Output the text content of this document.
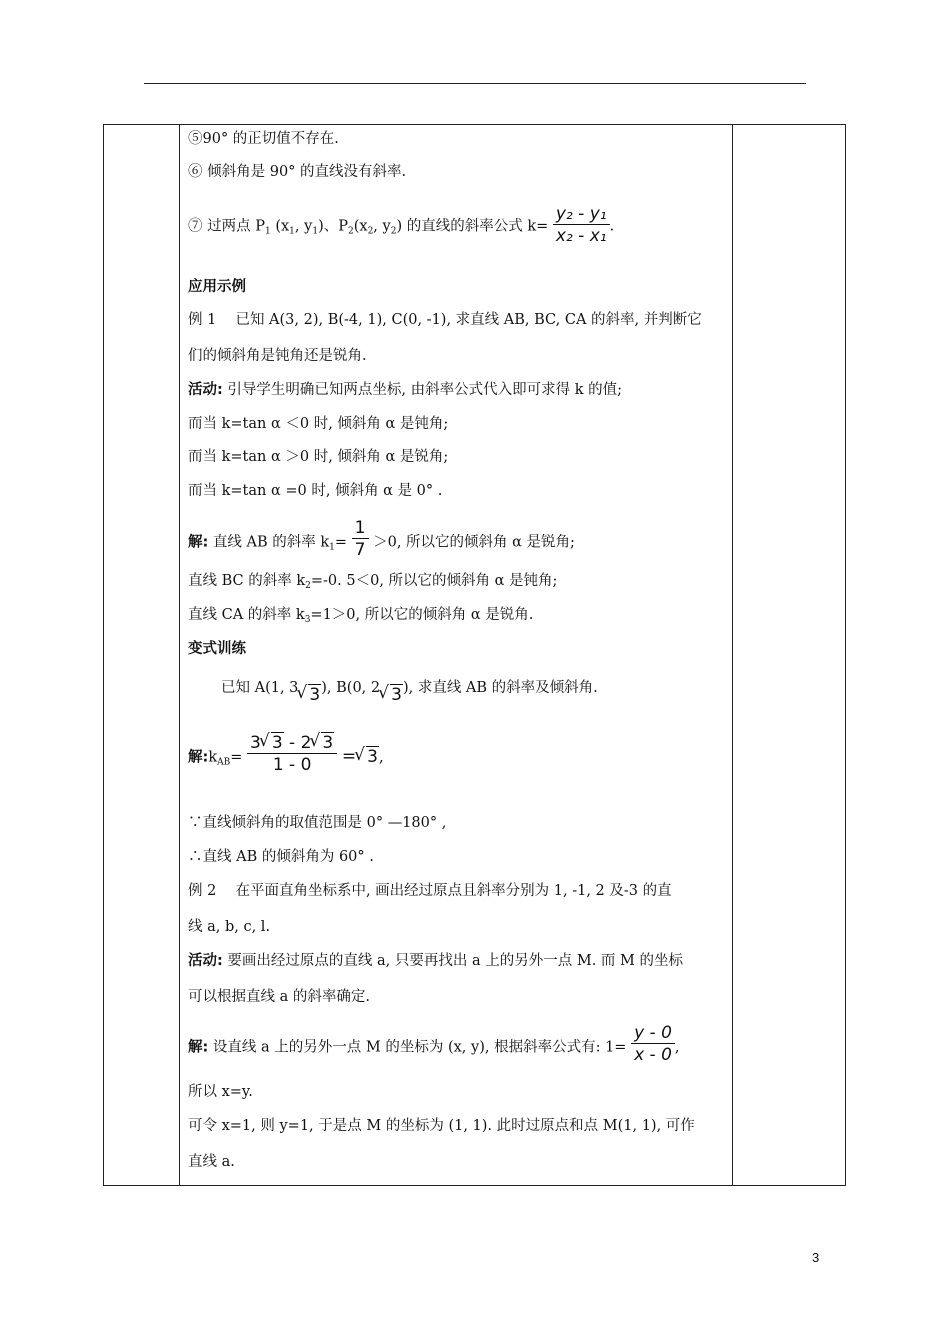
⑤90° 的正切值不存在.
⑥ 倾斜角是 90° 的直线没有斜率.
⑦ 过两点 $P_1$ ($x_1$, $y_1$)、$P_2(x_2$, $y_2$) 的直线的斜率公式 $k= \frac{\text{y₂ - y₁}}{\text{x₂ - x₁}}$ .
应用示例
例 1　 已知 A(3, 2), B(-4, 1), C(0, -1), 求直线 AB, BC, CA 的斜率, 并判断它
们的倾斜角是钝角还是锐角.
活动: 引导学生明确已知两点坐标, 由斜率公式代入即可求得 k 的值;
而当 k=tan α ＜0 时, 倾斜角 α 是钝角;
而当 k=tan α ＞0 时, 倾斜角 α 是锐角;
而当 k=tan α =0 时, 倾斜角 α 是 0° .
解: 直线 AB 的斜率 $k_1= \frac{1}{7} >0$, 所以它的倾斜角 α 是锐角;
直线 BC 的斜率 $k_2=-0$. 5＜0, 所以它的倾斜角 α 是钝角;
直线 CA 的斜率 $k_3=1>0$, 所以它的倾斜角 α 是锐角.
变式训练
已知 A(1, 3 √ 3), B(0, 2 √ 3), 求直线 AB 的斜率及倾斜角.
解$:k_{AB}= \frac{3 √ 3 - 2 √ 3}{1 - 0}$ = √ 3,
∵直线倾斜角的取值范围是 0° —180° ,
∴直线 AB 的倾斜角为 60° .
例 2　 在平面直角坐标系中, 画出经过原点且斜率分别为 1, -1, 2 及-3 的直
线 a, b, c, l.
活动: 要画出经过原点的直线 a, 只要再找出 a 上的另外一点 M. 而 M 的坐标
可以根据直线 a 的斜率确定.
解: 设直线 a 上的另外一点 M 的坐标为 (x, y), 根据斜率公式有: $1= \frac{y - 0}{x - 0}$ ,
所以 x=y.
可令 x=1, 则 y=1, 于是点 M 的坐标为 (1, 1). 此时过原点和点 M(1, 1), 可作
直线 a.
3
